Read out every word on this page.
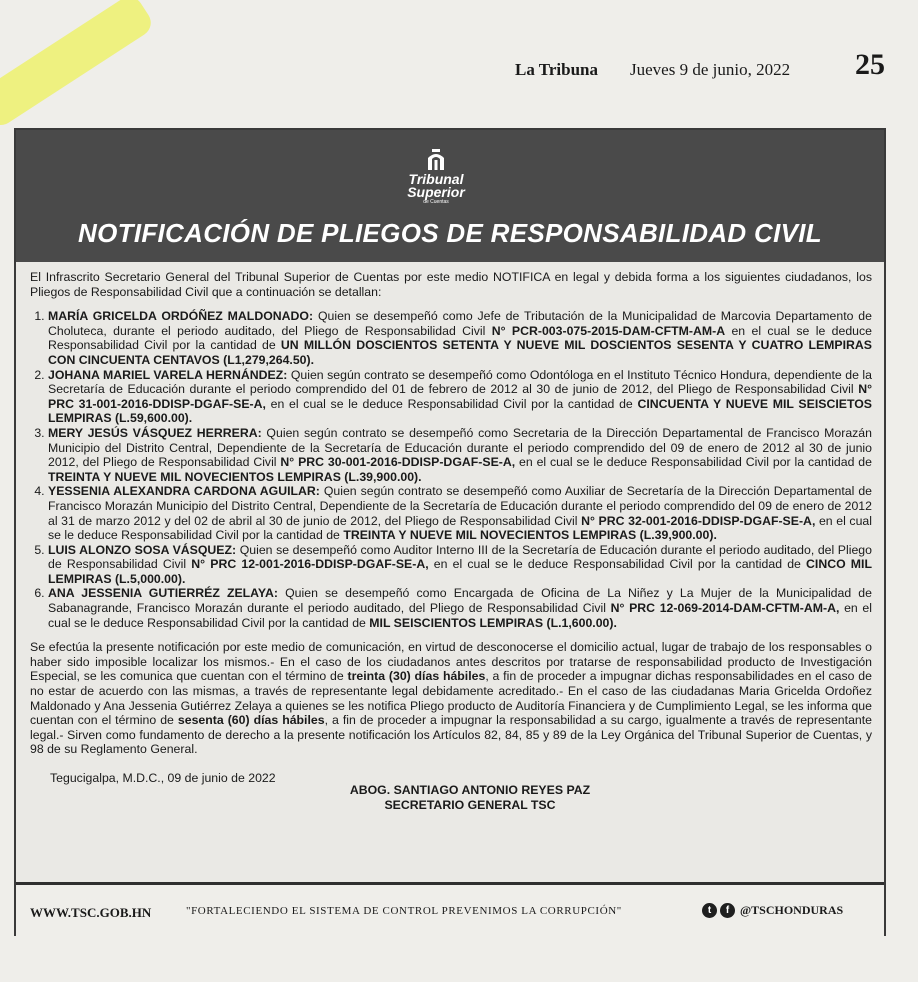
La Tribuna Jueves 9 de junio, 2022 25
Tribunal
Superior
de Cuentas
NOTIFICACIÓN DE PLIEGOS DE RESPONSABILIDAD CIVIL

El Infrascrito Secretario General del Tribunal Superior de Cuentas por este medio NOTIFICA en legal y debida forma a los siguientes ciudadanos, los Pliegos de Responsabilidad Civil que a continuación se detallan:

1. MARÍA GRICELDA ORDÓÑEZ MALDONADO: Quien se desempeñó como Jefe de Tributación de la Municipalidad de Marcovia Departamento de Choluteca, durante el periodo auditado, del Pliego de Responsabilidad Civil N° PCR-003-075-2015-DAM-CFTM-AM-A en el cual se le deduce Responsabilidad Civil por la cantidad de UN MILLÓN DOSCIENTOS SETENTA Y NUEVE MIL DOSCIENTOS SESENTA Y CUATRO LEMPIRAS CON CINCUENTA CENTAVOS (L1,279,264.50).
2. JOHANA MARIEL VARELA HERNÁNDEZ: Quien según contrato se desempeñó como Odontóloga en el Instituto Técnico Hondura, dependiente de la Secretaría de Educación durante el periodo comprendido del 01 de febrero de 2012 al 30 de junio de 2012, del Pliego de Responsabilidad Civil N° PRC 31-001-2016-DDISP-DGAF-SE-A, en el cual se le deduce Responsabilidad Civil por la cantidad de CINCUENTA Y NUEVE MIL SEISCIETOS LEMPIRAS (L.59,600.00).
3. MERY JESÚS VÁSQUEZ HERRERA: Quien según contrato se desempeñó como Secretaria de la Dirección Departamental de Francisco Morazán Municipio del Distrito Central, Dependiente de la Secretaría de Educación durante el periodo comprendido del 09 de enero de 2012 al 30 de junio 2012, del Pliego de Responsabilidad Civil N° PRC 30-001-2016-DDISP-DGAF-SE-A, en el cual se le deduce Responsabilidad Civil por la cantidad de TREINTA Y NUEVE MIL NOVECIENTOS LEMPIRAS (L.39,900.00).
4. YESSENIA ALEXANDRA CARDONA AGUILAR: Quien según contrato se desempeñó como Auxiliar de Secretaría de la Dirección Departamental de Francisco Morazán Municipio del Distrito Central, Dependiente de la Secretaría de Educación durante el periodo comprendido del 09 de enero de 2012 al 31 de marzo 2012 y del 02 de abril al 30 de junio de 2012, del Pliego de Responsabilidad Civil N° PRC 32-001-2016-DDISP-DGAF-SE-A, en el cual se le deduce Responsabilidad Civil por la cantidad de TREINTA Y NUEVE MIL NOVECIENTOS LEMPIRAS (L.39,900.00).
5. LUIS ALONZO SOSA VÁSQUEZ: Quien se desempeñó como Auditor Interno III de la Secretaría de Educación durante el periodo auditado, del Pliego de Responsabilidad Civil N° PRC 12-001-2016-DDISP-DGAF-SE-A, en el cual se le deduce Responsabilidad Civil por la cantidad de CINCO MIL LEMPIRAS (L.5,000.00).
6. ANA JESSENIA GUTIERRÉZ ZELAYA: Quien se desempeñó como Encargada de Oficina de La Niñez y La Mujer de la Municipalidad de Sabanagrande, Francisco Morazán durante el periodo auditado, del Pliego de Responsabilidad Civil N° PRC 12-069-2014-DAM-CFTM-AM-A, en el cual se le deduce Responsabilidad Civil por la cantidad de MIL SEISCIENTOS LEMPIRAS (L.1,600.00).

Se efectúa la presente notificación por este medio de comunicación, en virtud de desconocerse el domicilio actual, lugar de trabajo de los responsables o haber sido imposible localizar los mismos.- En el caso de los ciudadanos antes descritos por tratarse de responsabilidad producto de Investigación Especial, se les comunica que cuentan con el término de treinta (30) días hábiles, a fin de proceder a impugnar dichas responsabilidades en el caso de no estar de acuerdo con las mismas, a través de representante legal debidamente acreditado.- En el caso de las ciudadanas Maria Gricelda Ordoñez Maldonado y Ana Jessenia Gutiérrez Zelaya a quienes se les notifica Pliego producto de Auditoría Financiera y de Cumplimiento Legal, se les informa que cuentan con el término de sesenta (60) días hábiles, a fin de proceder a impugnar la responsabilidad a su cargo, igualmente a través de representante legal.- Sirven como fundamento de derecho a la presente notificación los Artículos 82, 84, 85 y 89 de la Ley Orgánica del Tribunal Superior de Cuentas, y 98 de su Reglamento General.

Tegucigalpa, M.D.C., 09 de junio de 2022
ABOG. SANTIAGO ANTONIO REYES PAZ
SECRETARIO GENERAL TSC
WWW.TSC.GOB.HN	"FORTALECIENDO EL SISTEMA DE CONTROL PREVENIMOS LA CORRUPCIÓN"	t	f @TSCHONDURAS
